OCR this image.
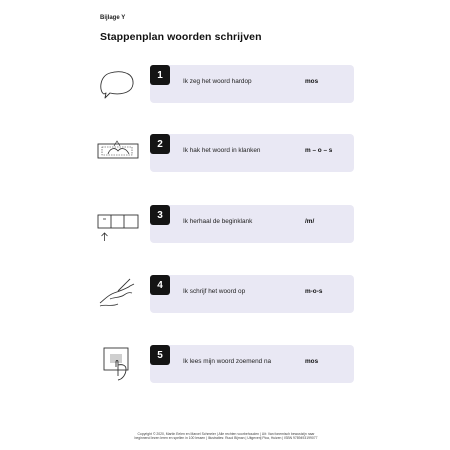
Bijlage Y
Stappenplan woorden schrijven
1
Ik zeg het woord hardop	mos
2
Ik hak het woord in klanken	m – o – s
3
Ik herhaal de beginklank	/m/
4
Ik schrijf het woord op	m-o-s
5
Ik lees mijn woord zoemend na	mos
Copyright © 2020, Martin Eelen en Marcel Schmeier | Alle rechten voorbehouden | Uit: Van fonemisch bewustzijn naar
beginnend lezen leren en spellen in 100 lessen | Illustraties: Ruud Bijman | Uitgeverij Pica, Huizen | ISBN 9789493199077
